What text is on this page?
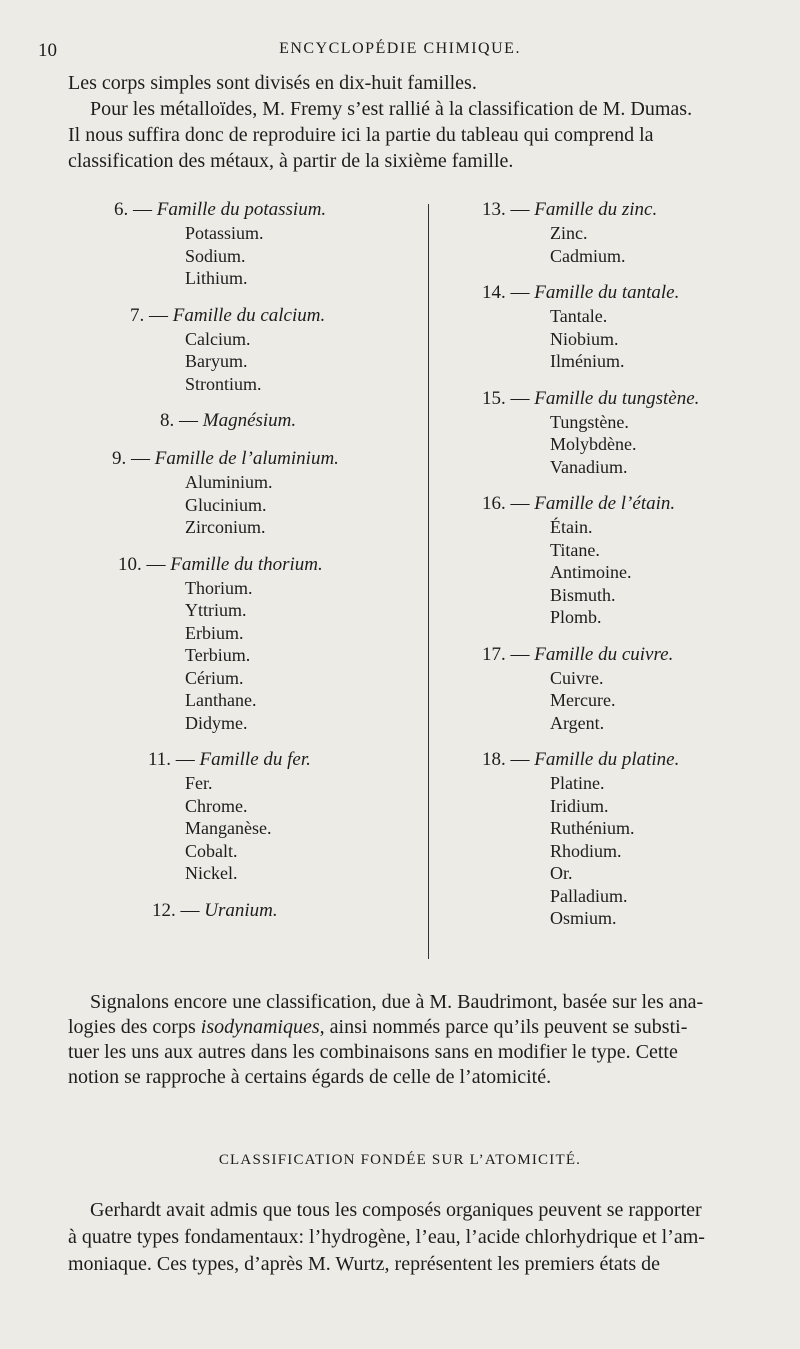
10	ENCYCLOPÉDIE CHIMIQUE.

Les corps simples sont divisés en dix-huit familles.
Pour les métalloïdes, M. Fremy s’est rallié à la classification de M. Dumas.
Il nous suffira donc de reproduire ici la partie du tableau qui comprend la
classification des métaux, à partir de la sixième famille.

6. — Famille du potassium.
Potassium.
Sodium.
Lithium.
7. — Famille du calcium.
Calcium.
Baryum.
Strontium.
8. — Magnésium.
9. — Famille de l’aluminium.
Aluminium.
Glucinium.
Zirconium.
10. — Famille du thorium.
Thorium.
Yttrium.
Erbium.
Terbium.
Cérium.
Lanthane.
Didyme.
11. — Famille du fer.
Fer.
Chrome.
Manganèse.
Cobalt.
Nickel.
12. — Uranium.
13. — Famille du zinc.
Zinc.
Cadmium.
14. — Famille du tantale.
Tantale.
Niobium.
Ilménium.
15. — Famille du tungstène.
Tungstène.
Molybdène.
Vanadium.
16. — Famille de l’étain.
Étain.
Titane.
Antimoine.
Bismuth.
Plomb.
17. — Famille du cuivre.
Cuivre.
Mercure.
Argent.
18. — Famille du platine.
Platine.
Iridium.
Ruthénium.
Rhodium.
Or.
Palladium.
Osmium.

Signalons encore une classification, due à M. Baudrimont, basée sur les ana-
logies des corps isodynamiques, ainsi nommés parce qu’ils peuvent se substi-
tuer les uns aux autres dans les combinaisons sans en modifier le type. Cette
notion se rapproche à certains égards de celle de l’atomicité.

CLASSIFICATION FONDÉE SUR L’ATOMICITÉ.

Gerhardt avait admis que tous les composés organiques peuvent se rapporter
à quatre types fondamentaux: l’hydrogène, l’eau, l’acide chlorhydrique et l’am-
moniaque. Ces types, d’après M. Wurtz, représentent les premiers états de
